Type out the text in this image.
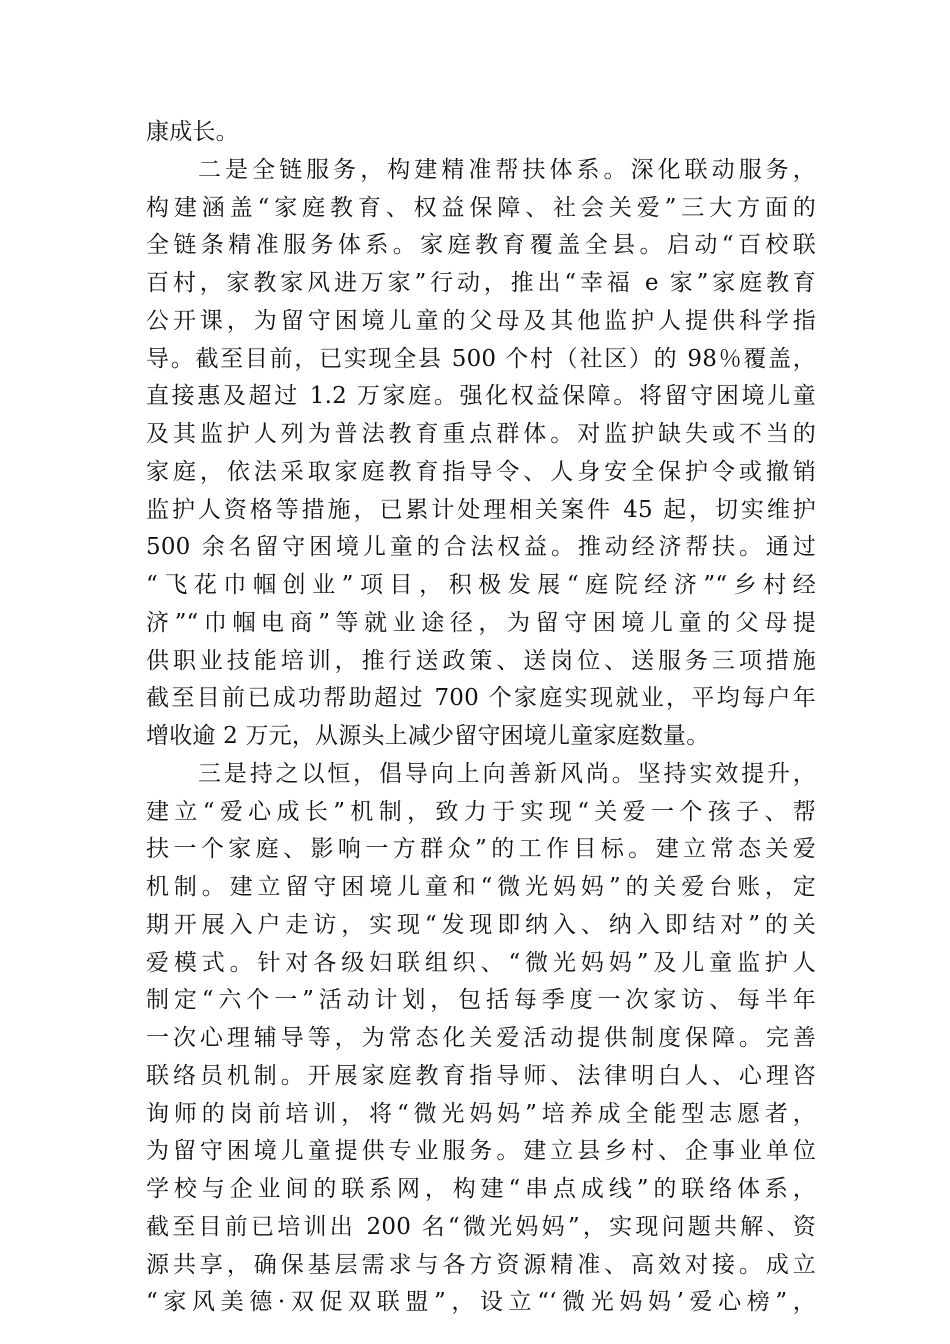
康成长。
二是全链服务，构建精准帮扶体系。深化联动服务，
构建涵盖“家庭教育、权益保障、社会关爱”三大方面的
全链条精准服务体系。家庭教育覆盖全县。启动“百校联
百村，家教家风进万家”行动，推出“幸福 e 家”家庭教育
公开课，为留守困境儿童的父母及其他监护人提供科学指
导。截至目前，已实现全县 500 个村（社区）的 98％覆盖，
直接惠及超过 1.2 万家庭。强化权益保障。将留守困境儿童
及其监护人列为普法教育重点群体。对监护缺失或不当的
家庭，依法采取家庭教育指导令、人身安全保护令或撤销
监护人资格等措施，已累计处理相关案件 45 起，切实维护
500 余名留守困境儿童的合法权益。推动经济帮扶。通过
“飞花巾帼创业”项目，积极发展“庭院经济”“乡村经
济”“巾帼电商”等就业途径，为留守困境儿童的父母提
供职业技能培训，推行送政策、送岗位、送服务三项措施
截至目前已成功帮助超过 700 个家庭实现就业，平均每户年
增收逾 2 万元，从源头上减少留守困境儿童家庭数量。
三是持之以恒，倡导向上向善新风尚。坚持实效提升，
建立“爱心成长”机制，致力于实现“关爱一个孩子、帮
扶一个家庭、影响一方群众”的工作目标。建立常态关爱
机制。建立留守困境儿童和“微光妈妈”的关爱台账，定
期开展入户走访，实现“发现即纳入、纳入即结对”的关
爱模式。针对各级妇联组织、“微光妈妈”及儿童监护人
制定“六个一”活动计划，包括每季度一次家访、每半年
一次心理辅导等，为常态化关爱活动提供制度保障。完善
联络员机制。开展家庭教育指导师、法律明白人、心理咨
询师的岗前培训，将“微光妈妈”培养成全能型志愿者，
为留守困境儿童提供专业服务。建立县乡村、企事业单位
学校与企业间的联系网，构建“串点成线”的联络体系，
截至目前已培训出 200 名“微光妈妈”，实现问题共解、资
源共享，确保基层需求与各方资源精准、高效对接。成立
“家风美德·双促双联盟”，设立“‘微光妈妈’爱心榜”，
